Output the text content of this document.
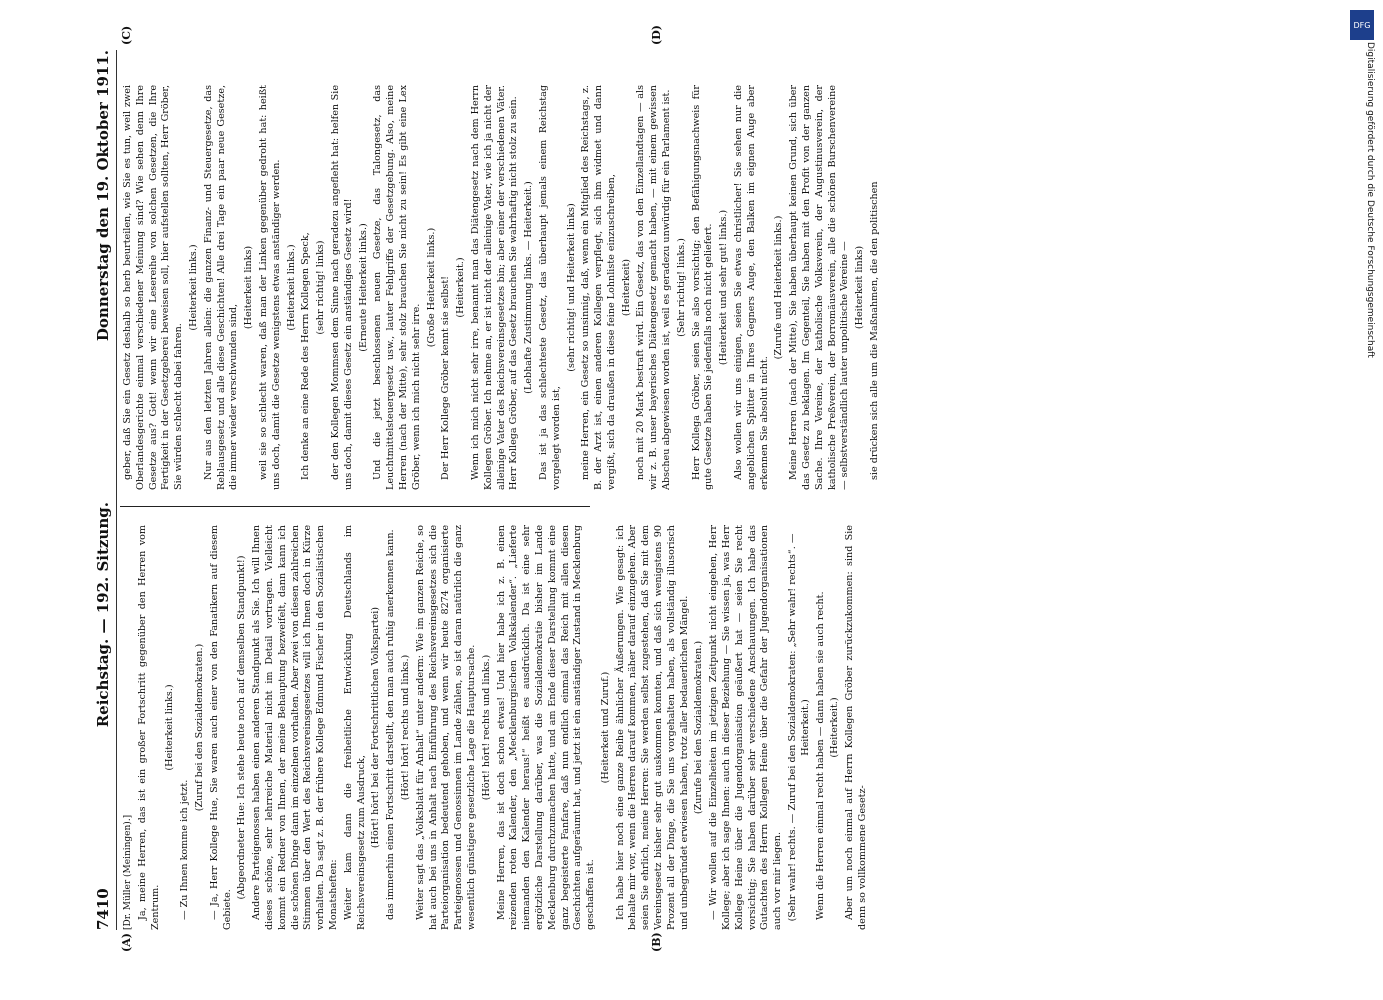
7410
Reichstag. — 192. Sitzung.
Donnerstag den 19. Oktober 1911.
(A)	(B)
(C)	(D)
[Dr. Müller (Meiningen).] Ja, meine Herren, das ist ein großer Fortschritt gegenüber den Herren vom Zentrum.

(Heiterkeit links.)

— Zu Ihnen komme ich jetzt.

(Zuruf bei den Sozialdemokraten.) — Ja, Herr Kollege Hue, Sie waren auch einer von den Fanatikern auf diesem Gebiete.

(Abgeordneter Hue: Ich stehe heute noch auf demselben Standpunkt!) Andere Parteigenossen haben einen anderen Standpunkt als Sie. Ich will Ihnen dieses schöne, sehr lehrreiche Material nicht im Detail vortragen. Vielleicht kommt ein Redner von Ihnen, der meine Behauptung bezweifelt, dann kann ich die schönen Dinge dann im einzelnen vorhalten. Aber zwei von diesen zahlreichen Stimmen über den Wert des Reichsvereinsgesetzes will ich Ihnen doch in Kürze vorhalten. Da sagt z. B. der frühere Kollege Edmund Fischer in den Sozialistischen Monatsheften: Weiter kam dann die freiheitliche Entwicklung Deutschlands im Reichsvereinsgesetz zum Ausdruck, (Hört! hört! bei der Fortschrittlichen Volkspartei) das immerhin einen Fortschritt darstellt, den man auch ruhig anerkennen kann. (Hört! hört! rechts und links.) Weiter sagt das „Volksblatt für Anhalt“ unter anderm: Wie im ganzen Reiche, so hat auch bei uns in Anhalt nach Einführung des Reichsvereinsgesetzes sich die Parteiorganisation bedeutend gehoben, und wenn wir heute 8274 organisierte Parteigenossen und Genossinnen im Lande zählen, so ist daran natürlich die ganz wesentlich günstigere gesetzliche Lage die Hauptursache. (Hört! hört! rechts und links.) Meine Herren, das ist doch schon etwas! Und hier habe ich z. B. einen reizenden roten Kalender, den „Mecklenburgischen Volkskalender“. „Lieferte niemanden den Kalender heraus!“ heißt es ausdrücklich. Da ist eine sehr ergötzliche Darstellung darüber, was die Sozialdemokratie bisher im Lande Mecklenburg durchzumachen hatte, und am Ende dieser Darstellung kommt eine ganz begeisterte Fanfare, daß nun endlich einmal das Reich mit allen diesen Geschichten aufgeräumt hat, und jetzt ist ein anständiger Zustand in Mecklenburg geschaffen ist.

(Heiterkeit und Zuruf.) Ich habe hier noch eine ganze Reihe ähnlicher Äußerungen. Wie gesagt: ich behalte mir vor, wenn die Herren darauf kommen, näher darauf einzugehen. Aber seien Sie ehrlich, meine Herren: Sie werden selbst zugestehen, daß Sie mit dem Vereinsgesetz bisher sehr gut auskommen konnten, und daß sich wenigstens 90 Prozent all der Dinge, die Sie uns vorgehalten haben, als vollständig illusorisch und unbegründet erwiesen haben, trotz aller bedauerlichen Mängel. (Zurufe bei den Sozialdemokraten.) — Wir wollen auf die Einzelheiten im jetzigen Zeitpunkt nicht eingehen, Herr Kollege; aber ich sage Ihnen: auch in dieser Beziehung — Sie wissen ja, was Herr Kollege Heine über die Jugendorganisation geäußert hat — seien Sie recht vorsichtig; Sie haben darüber sehr verschiedene Anschauungen. Ich habe das Gutachten des Herrn Kollegen Heine über die Gefahr der Jugendorganisationen auch vor mir liegen. (Sehr wahr! rechts. — Zuruf bei den Sozialdemokraten: „Sehr wahr! rechts“. — Heiterkeit.) Wenn die Herren einmal recht haben — dann haben sie auch recht. (Heiterkeit.) Aber um noch einmal auf Herrn Kollegen Gröber zurückzukommen: sind Sie denn so vollkommene Gesetz-

geber, daß Sie ein Gesetz deshalb so herb beurteilen, wie Sie es tun, weil zwei Oberlandesgerichte einmal verschiedener Meinung sind? Wie sehen denn Ihre Gesetze aus? Gott! wenn wir eine Lesereihe von solchen Gesetzen, die Ihre Fertigkeit in der Gesetzgeberei beweisen soll, hier aufstellen sollten, Herr Gröber, Sie würden schlecht dabei fahren.

(Heiterkeit links.) Nur aus den letzten Jahren allein: die ganzen Finanz- und Steuergesetze, das Reblausgesetz und alle diese Geschichten! Alle drei Tage ein paar neue Gesetze, die immer wieder verschwunden sind,

(Heiterkeit links) weil sie so schlecht waren, daß man der Linken gegenüber gedroht hat: heißt uns doch, damit die Gesetze wenigstens etwas anständiger werden. (Heiterkeit links.) Ich denke an eine Rede des Herrn Kollegen Speck, (sehr richtig! links) der den Kollegen Mommsen dem Sinne nach geradezu angefleht hat: helfen Sie uns doch, damit dieses Gesetz ein anständiges Gesetz wird! (Erneute Heiterkeit links.) Und die jetzt beschlossenen neuen Gesetze, das Talongesetz, das Leuchtmittelsteuergesetz usw., lauter Fehlgriffe der Gesetzgebung. Also, meine Herren (nach der Mitte), sehr stolz brauchen Sie nicht zu sein! Es gibt eine Lex Gröber, wenn ich mich nicht sehr irre.

(Große Heiterkeit links.) Der Herr Kollege Gröber kennt sie selbst! (Heiterkeit.) Wenn ich mich nicht sehr irre, benannt man das Diätengesetz nach dem Herrn Kollegen Gröber. Ich nehme an, er ist nicht der alleinige Vater, wie ich ja nicht der alleinige Vater des Reichsvereinsgesetzes bin; aber einer der verschiedenen Väter. Herr Kollega Gröber, auf das Gesetz brauchen Sie wahrhaftig nicht stolz zu sein. (Lebhafte Zustimmung links. — Heiterkeit.) Das ist ja das schlechteste Gesetz, das überhaupt jemals einem Reichstag vorgelegt worden ist,

(sehr richtig! und Heiterkeit links) meine Herren, ein Gesetz so unsinnig, daß, wenn ein Mitglied des Reichstags, z. B. der Arzt ist, einen anderen Kollegen verpflegt, sich ihm widmet und dann vergißt, sich da draußen in diese feine Lohnliste einzuschreiben, (Heiterkeit) noch mit 20 Mark bestraft wird. Ein Gesetz, das von den Einzellandtagen — als wir z. B. unser bayerisches Diätengesetz gemacht haben, — mit einem gewissen Abscheu abgewiesen worden ist, weil es geradezu unwürdig für ein Parlament ist. (Sehr richtig! links.) Herr Kollega Gröber, seien Sie also vorsichtig; den Befähigungsnachweis für gute Gesetze haben Sie jedenfalls noch nicht geliefert. (Heiterkeit und sehr gut! links.) Also wollen wir uns einigen, seien Sie etwas christlicher! Sie sehen nur die angeblichen Splitter in Ihres Gegners Auge, den Balken im eignen Auge aber erkennen Sie absolut nicht.

(Zurufe und Heiterkeit links.) Meine Herren (nach der Mitte), Sie haben überhaupt keinen Grund, sich über das Gesetz zu beklagen. Im Gegenteil, Sie haben mit den Profit von der ganzen Sache. Ihre Vereine, der katholische Volksverein, der Augustinusverein, der katholische Preßverein, der Borromäusverein, alle die schönen Burschenvereine — selbstverständlich lauter unpolitische Vereine — (Heiterkeit links) sie drücken sich alle um die Maßnahmen, die den politischen

DFG
Digitalisierung gefördert durch die Deutsche Forschungsgemeinschaft
